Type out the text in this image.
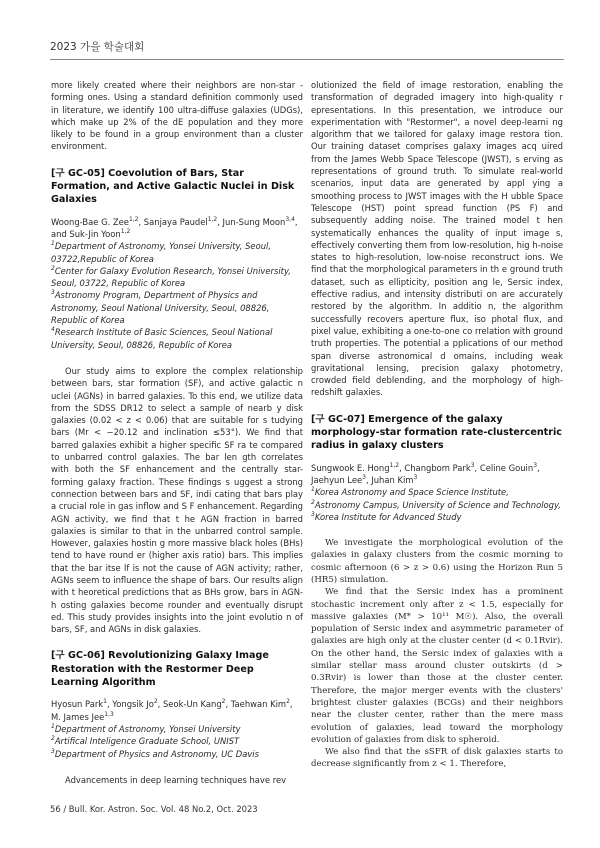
2023 가을 학술대회

more likely created where their neighbors are non-star -forming ones. Using a standard definition commonly used in literature, we identify 100 ultra-diffuse galaxies (UDGs), which make up 2% of the dE population and they more likely to be found in a group environment than a cluster environment.

[구 GC-05] Coevolution of Bars, Star Formation, and Active Galactic Nuclei in Disk Galaxies

Woong-Bae G. Zee$^{1,2}$, Sanjaya Paudel$^{1,2}$, Jun-Sung Moon$^{3,4}$, and Suk-Jin Yoon$^{1,2}$

$^1$Department of Astronomy, Yonsei University, Seoul, 03722,Republic of Korea

$^2$Center for Galaxy Evolution Research, Yonsei University, Seoul, 03722, Republic of Korea

$^3$Astronomy Program, Department of Physics and Astronomy, Seoul National University, Seoul, 08826, Republic of Korea

$^4$Research Institute of Basic Sciences, Seoul National University, Seoul, 08826, Republic of Korea

Our study aims to explore the complex relationship between bars, star formation (SF), and active galactic n uclei (AGNs) in barred galaxies. To this end, we utilize data from the SDSS DR12 to select a sample of nearb y disk galaxies (0.02 < z < 0.06) that are suitable for s tudying bars (Mr < −20.12 and inclination ≤53°). We find that barred galaxies exhibit a higher specific SF ra te compared to unbarred control galaxies. The bar len gth correlates with both the SF enhancement and the centrally star-forming galaxy fraction. These findings s uggest a strong connection between bars and SF, indi cating that bars play a crucial role in gas inflow and S F enhancement. Regarding AGN activity, we find that t he AGN fraction in barred galaxies is similar to that in the unbarred control sample. However, galaxies hostin g more massive black holes (BHs) tend to have round er (higher axis ratio) bars. This implies that the bar itse lf is not the cause of AGN activity; rather, AGNs seem to influence the shape of bars. Our results align with t heoretical predictions that as BHs grow, bars in AGN-h osting galaxies become rounder and eventually disrupt ed. This study provides insights into the joint evolutio n of bars, SF, and AGNs in disk galaxies.

[구 GC-06] Revolutionizing Galaxy Image Restoration with the Restormer Deep Learning Algorithm

Hyosun Park$^1$, Yongsik Jo$^2$, Seok-Un Kang$^2$, Taehwan Kim$^2$, M. James Jee$^{1,3}$

$^1$Department of Astronomy, Yonsei University

$^2$Artifical Inteligence Graduate School, UNIST

$^3$Department of Physics and Astronomy, UC Davis

Advancements in deep learning techniques have rev

olutionized the field of image restoration, enabling the transformation of degraded imagery into high-quality r epresentations. In this presentation, we introduce our experimentation with "Restormer", a novel deep-learni ng algorithm that we tailored for galaxy image restora tion. Our training dataset comprises galaxy images acq uired from the James Webb Space Telescope (JWST), s erving as representations of ground truth. To simulate real-world scenarios, input data are generated by appl ying a smoothing process to JWST images with the H ubble Space Telescope (HST) point spread function (PS F) and subsequently adding noise. The trained model t hen systematically enhances the quality of input image s, effectively converting them from low-resolution, hig h-noise states to high-resolution, low-noise reconstruct ions. We find that the morphological parameters in th e ground truth dataset, such as ellipticity, position ang le, Sersic index, effective radius, and intensity distributi on are accurately restored by the algorithm. In additio n, the algorithm successfully recovers aperture flux, iso photal flux, and pixel value, exhibiting a one-to-one co rrelation with ground truth properties. The potential a pplications of our method span diverse astronomical d omains, including weak gravitational lensing, precision galaxy photometry, crowded field deblending, and the morphology of high-redshift galaxies.

[구 GC-07] Emergence of the galaxy morphology-star formation rate-clustercentric radius in galaxy clusters

Sungwook E. Hong$^{1,2}$, Changbom Park$^3$, Celine Gouin$^3$, Jaehyun Lee$^3$, Juhan Kim$^3$

$^1$Korea Astronomy and Space Science Institute,

$^2$Astronomy Campus, University of Science and Technology, $^3$Korea Institute for Advanced Study

We investigate the morphological evolution of the galaxies in galaxy clusters from the cosmic morning to cosmic afternoon (6 > z > 0.6) using the Horizon Run 5 (HR5) simulation.

We find that the Sersic index has a prominent stochastic increment only after z < 1.5, especially for massive galaxies (M* > 10¹¹ M☉). Also, the overall population of Sersic index and asymmetric parameter of galaxies are high only at the cluster center (d < 0.1Rvir). On the other hand, the Sersic index of galaxies with a similar stellar mass around cluster outskirts (d > 0.3Rvir) is lower than those at the cluster center. Therefore, the major merger events with the clusters' brightest cluster galaxies (BCGs) and their neighbors near the cluster center, rather than the mere mass evolution of galaxies, lead toward the morphology evolution of galaxies from disk to spheroid.

We also find that the sSFR of disk galaxies starts to decrease significantly from z < 1. Therefore,

56 / Bull. Kor. Astron. Soc. Vol. 48 No.2, Oct. 2023
